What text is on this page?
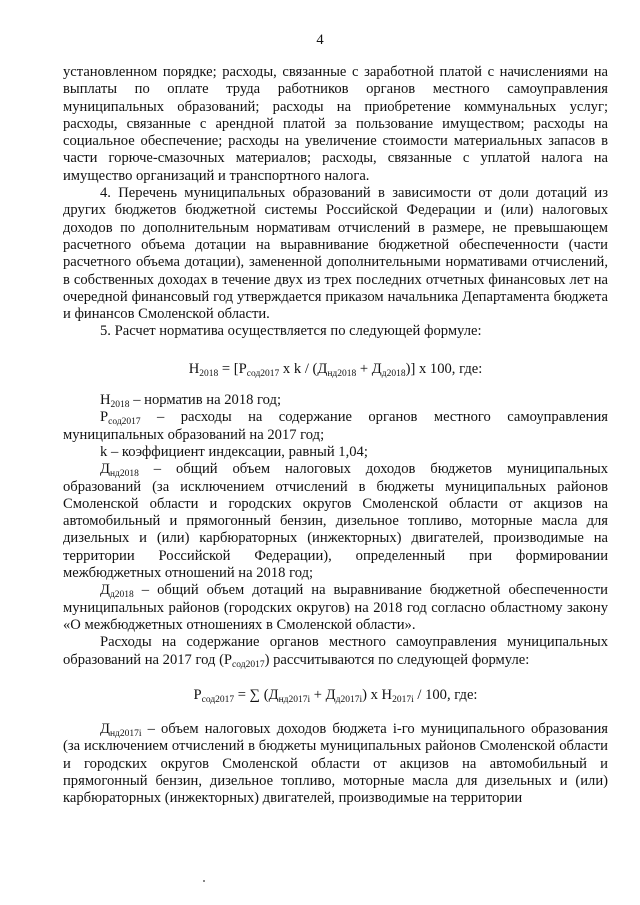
4

установленном порядке; расходы, связанные с заработной платой с начислениями на выплаты по оплате труда работников органов местного самоуправления муниципальных образований; расходы на приобретение коммунальных услуг; расходы, связанные с арендной платой за пользование имуществом; расходы на социальное обеспечение; расходы на увеличение стоимости материальных запасов в части горюче-смазочных материалов; расходы, связанные с уплатой налога на имущество организаций и транспортного налога.

4. Перечень муниципальных образований в зависимости от доли дотаций из других бюджетов бюджетной системы Российской Федерации и (или) налоговых доходов по дополнительным нормативам отчислений в размере, не превышающем расчетного объема дотации на выравнивание бюджетной обеспеченности (части расчетного объема дотации), замененной дополнительными нормативами отчислений, в собственных доходах в течение двух из трех последних отчетных финансовых лет на очередной финансовый год утверждается приказом начальника Департамента бюджета и финансов Смоленской области.

5. Расчет норматива осуществляется по следующей формуле:

$Н_{2018} = [Р_{сод2017}$ x $k / (Д_{нд2018} + Д_{д2018})$] x 100, где:

$Н_{2018}$ – норматив на 2018 год;

$Р_{сод2017}$ – расходы на содержание органов местного самоуправления муниципальных образований на 2017 год;

k – коэффициент индексации, равный 1,04;

$Д_{нд2018}$ – общий объем налоговых доходов бюджетов муниципальных образований (за исключением отчислений в бюджеты муниципальных районов Смоленской области и городских округов Смоленской области от акцизов на автомобильный и прямогонный бензин, дизельное топливо, моторные масла для дизельных и (или) карбюраторных (инжекторных) двигателей, производимые на территории Российской Федерации), определенный при формировании межбюджетных отношений на 2018 год;

$Д_{д2018}$ – общий объем дотаций на выравнивание бюджетной обеспеченности муниципальных районов (городских округов) на 2018 год согласно областному закону «О межбюджетных отношениях в Смоленской области».

Расходы на содержание органов местного самоуправления муниципальных образований на 2017 год $(Р_{сод2017})$ рассчитываются по следующей формуле:

$Р_{сод2017}$ = ∑ $(Д_{нд2017i} + Д_{д2017i})$ x $Н_{2017i} / 100$, где:

$Д_{нд2017i}$ – объем налоговых доходов бюджета i-го муниципального образования (за исключением отчислений в бюджеты муниципальных районов Смоленской области и городских округов Смоленской области от акцизов на автомобильный и прямогонный бензин, дизельное топливо, моторные масла для дизельных и (или) карбюраторных (инжекторных) двигателей, производимые на территории
